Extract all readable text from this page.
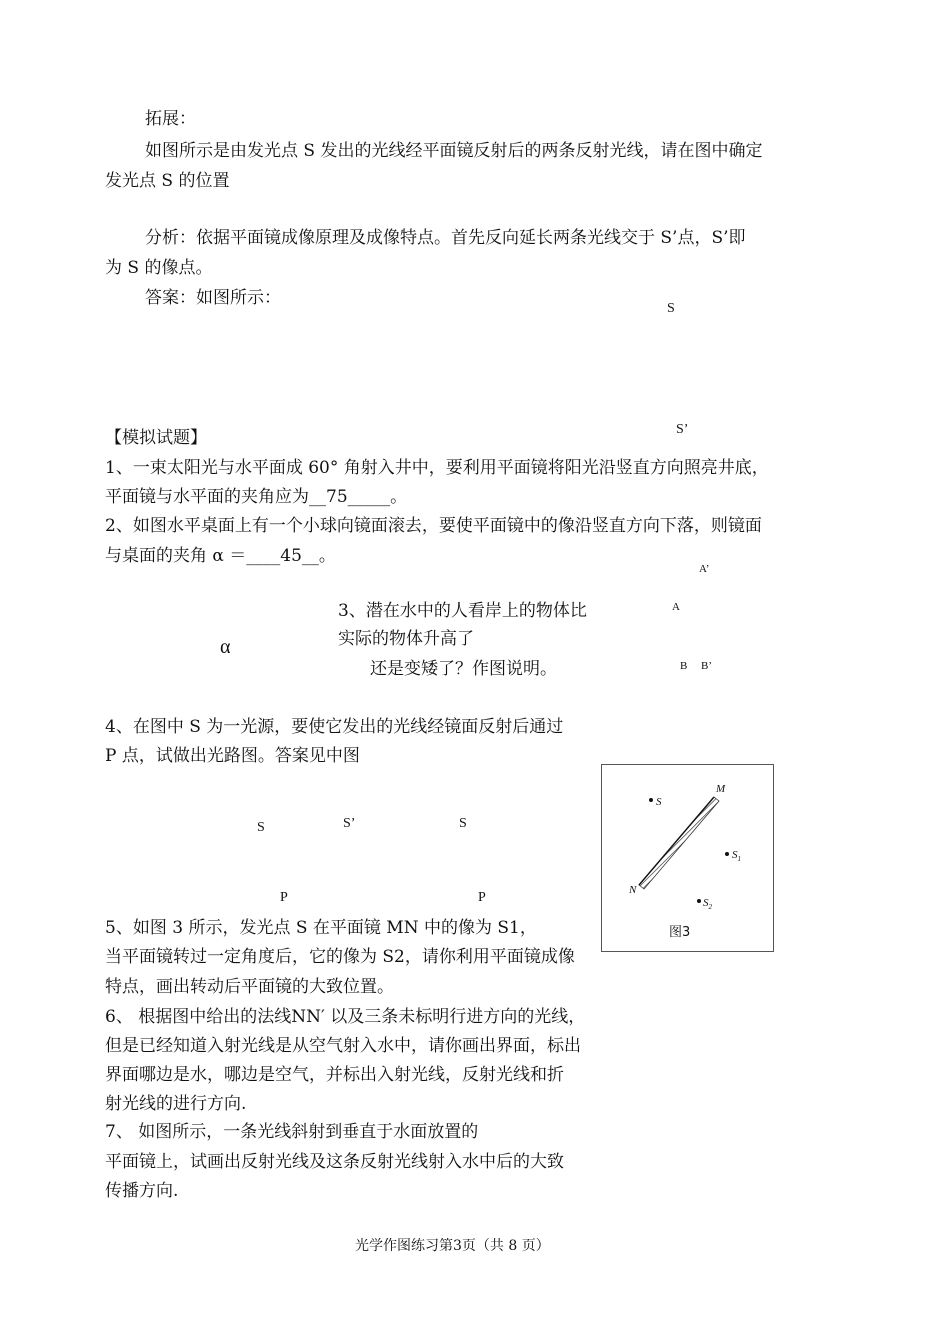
拓展：
如图所示是由发光点 S 发出的光线经平面镜反射后的两条反射光线，请在图中确定
发光点 S 的位置
分析：依据平面镜成像原理及成像特点。首先反向延长两条光线交于 S’点，S’即
为 S 的像点。
答案：如图所示：
S
S’
【模拟试题】
1、一束太阳光与水平面成 60° 角射入井中，要利用平面镜将阳光沿竖直方向照亮井底，
平面镜与水平面的夹角应为__75_____。
2、如图水平桌面上有一个小球向镜面滚去，要使平面镜中的像沿竖直方向下落，则镜面
与桌面的夹角 α ＝____45__。
α
3、潜在水中的人看岸上的物体比
实际的物体升高了
还是变矮了？作图说明。
A’
A
B B’
4、在图中 S 为一光源，要使它发出的光线经镜面反射后通过
P 点，试做出光路图。答案见中图
S	S’	S
P	P
S
M
N
$S_1$
$S_2$
图3
5、如图 3 所示，发光点 S 在平面镜 MN 中的像为 S1，
当平面镜转过一定角度后，它的像为 S2，请你利用平面镜成像
特点，画出转动后平面镜的大致位置。
6、 根据图中给出的法线NN′ 以及三条未标明行进方向的光线，
但是已经知道入射光线是从空气射入水中，请你画出界面，标出
界面哪边是水，哪边是空气，并标出入射光线，反射光线和折
射光线的进行方向.
7、 如图所示，一条光线斜射到垂直于水面放置的
平面镜上，试画出反射光线及这条反射光线射入水中后的大致
传播方向.
光学作图练习第3页（共 8 页）
